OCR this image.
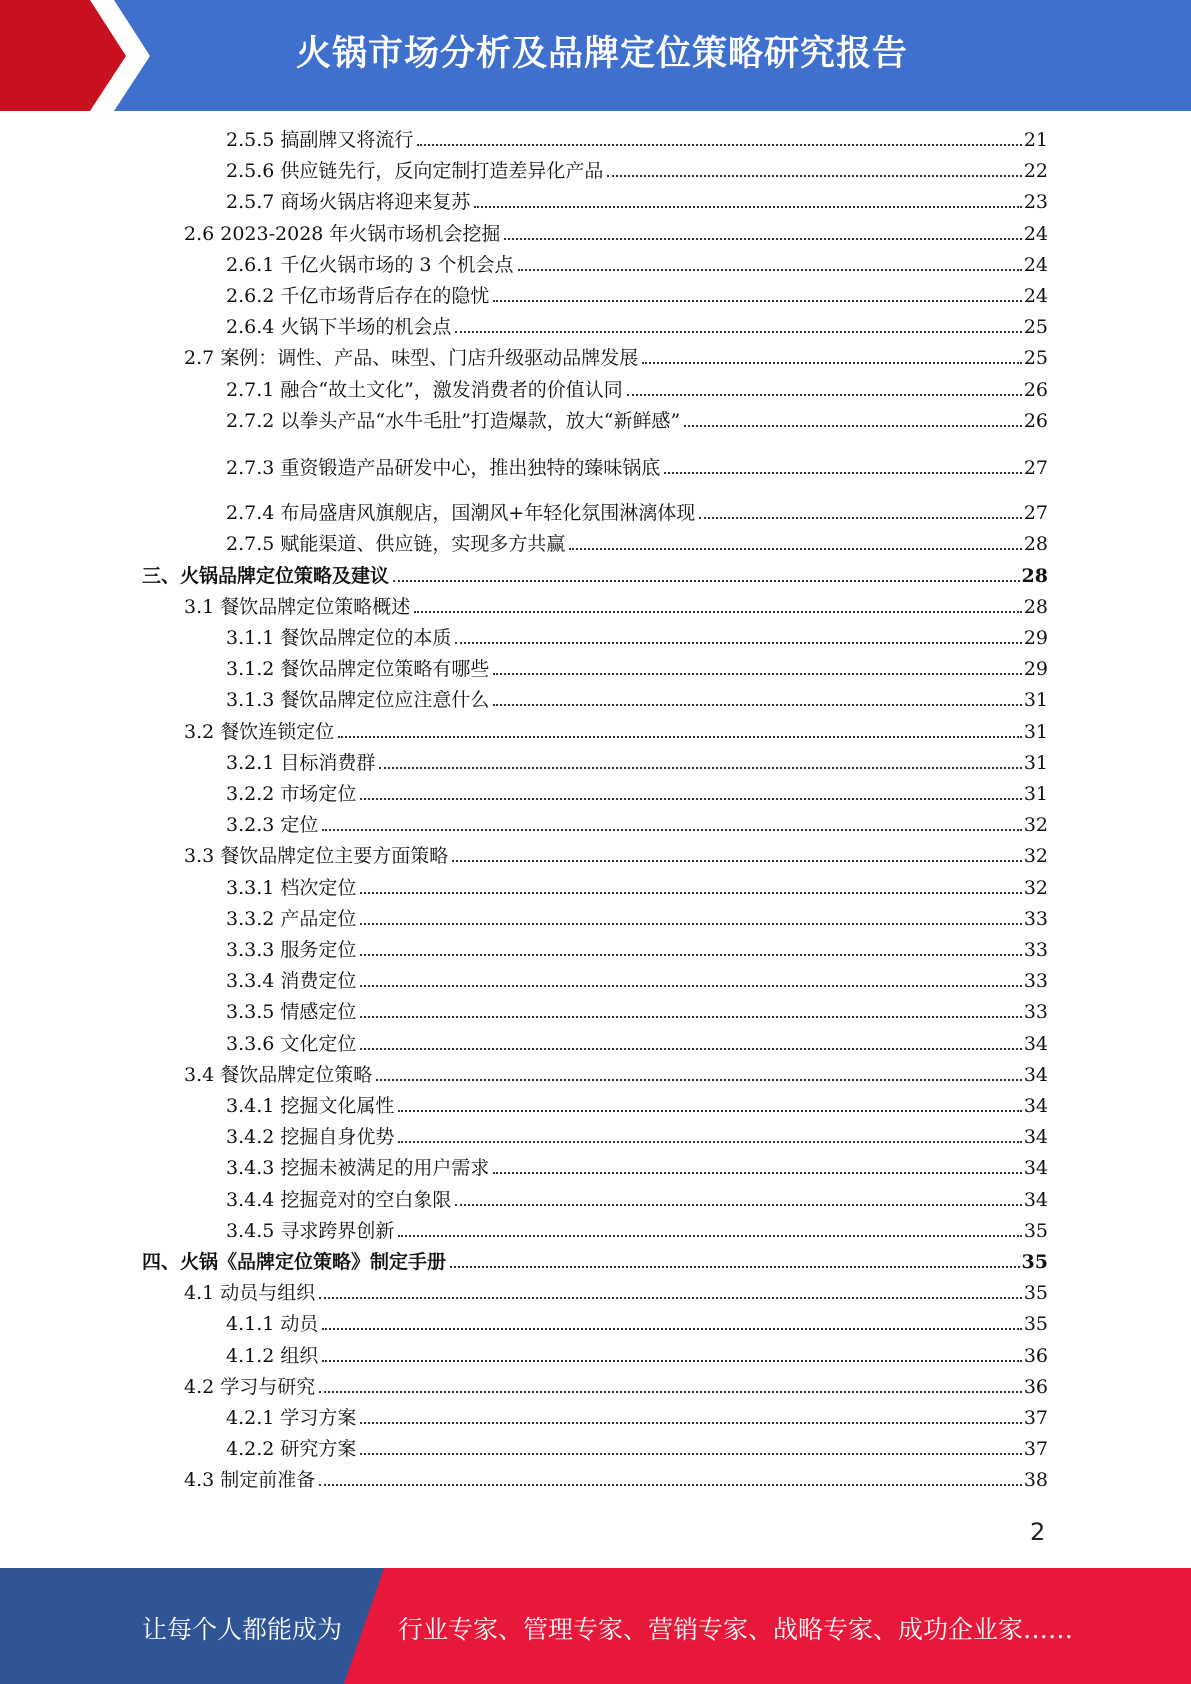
火锅市场分析及品牌定位策略研究报告
2.5.5 搞副牌又将流行	21
2.5.6 供应链先行，反向定制打造差异化产品	22
2.5.7 商场火锅店将迎来复苏	23
2.6 2023-2028 年火锅市场机会挖掘	24
2.6.1 千亿火锅市场的 3 个机会点	24
2.6.2 千亿市场背后存在的隐忧	24
2.6.4 火锅下半场的机会点	25
2.7 案例：调性、产品、味型、门店升级驱动品牌发展	25
2.7.1 融合“故土文化”，激发消费者的价值认同	26
2.7.2 以拳头产品“水牛毛肚”打造爆款，放大“新鲜感”	26
2.7.3 重资锻造产品研发中心，推出独特的臻味锅底	27
2.7.4 布局盛唐风旗舰店，国潮风+年轻化氛围淋漓体现	27
2.7.5 赋能渠道、供应链，实现多方共赢	28
三、火锅品牌定位策略及建议	28
3.1 餐饮品牌定位策略概述	28
3.1.1 餐饮品牌定位的本质	29
3.1.2 餐饮品牌定位策略有哪些	29
3.1.3 餐饮品牌定位应注意什么	31
3.2 餐饮连锁定位	31
3.2.1 目标消费群	31
3.2.2 市场定位	31
3.2.3 定位	32
3.3 餐饮品牌定位主要方面策略	32
3.3.1 档次定位	32
3.3.2 产品定位	33
3.3.3 服务定位	33
3.3.4 消费定位	33
3.3.5 情感定位	33
3.3.6 文化定位	34
3.4 餐饮品牌定位策略	34
3.4.1 挖掘文化属性	34
3.4.2 挖掘自身优势	34
3.4.3 挖掘未被满足的用户需求	34
3.4.4 挖掘竞对的空白象限	34
3.4.5 寻求跨界创新	35
四、火锅《品牌定位策略》制定手册	35
4.1 动员与组织	35
4.1.1 动员	35
4.1.2 组织	36
4.2 学习与研究	36
4.2.1 学习方案	37
4.2.2 研究方案	37
4.3 制定前准备	38
2
让每个人都能成为 行业专家、管理专家、营销专家、战略专家、成功企业家……
